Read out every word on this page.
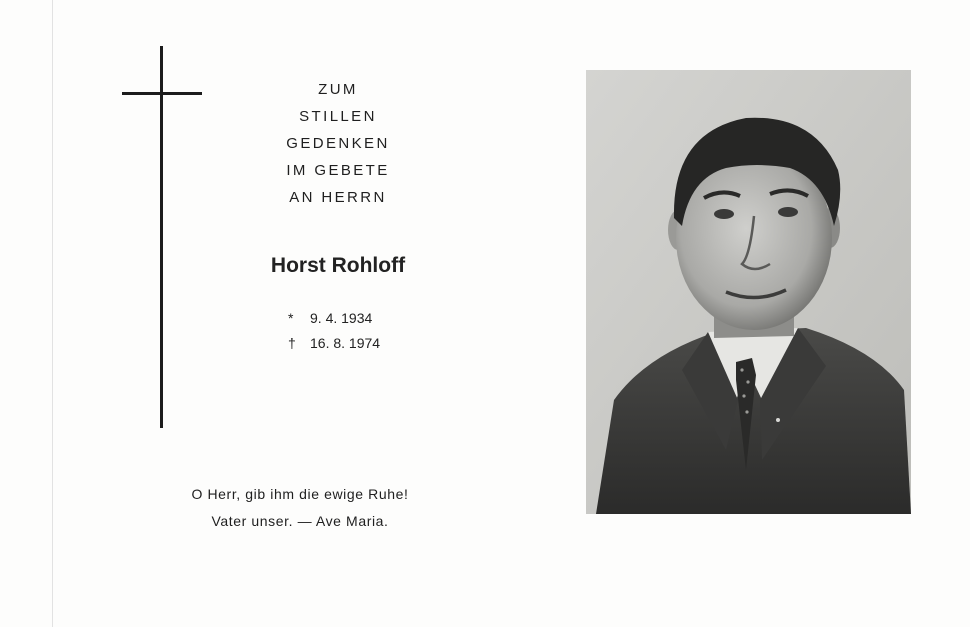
ZUM
STILLEN
GEDENKEN
IM GEBETE
AN HERRN
Horst Rohloff
* 9. 4. 1934
† 16. 8. 1974
O Herr, gib ihm die ewige Ruhe!
Vater unser. — Ave Maria.
